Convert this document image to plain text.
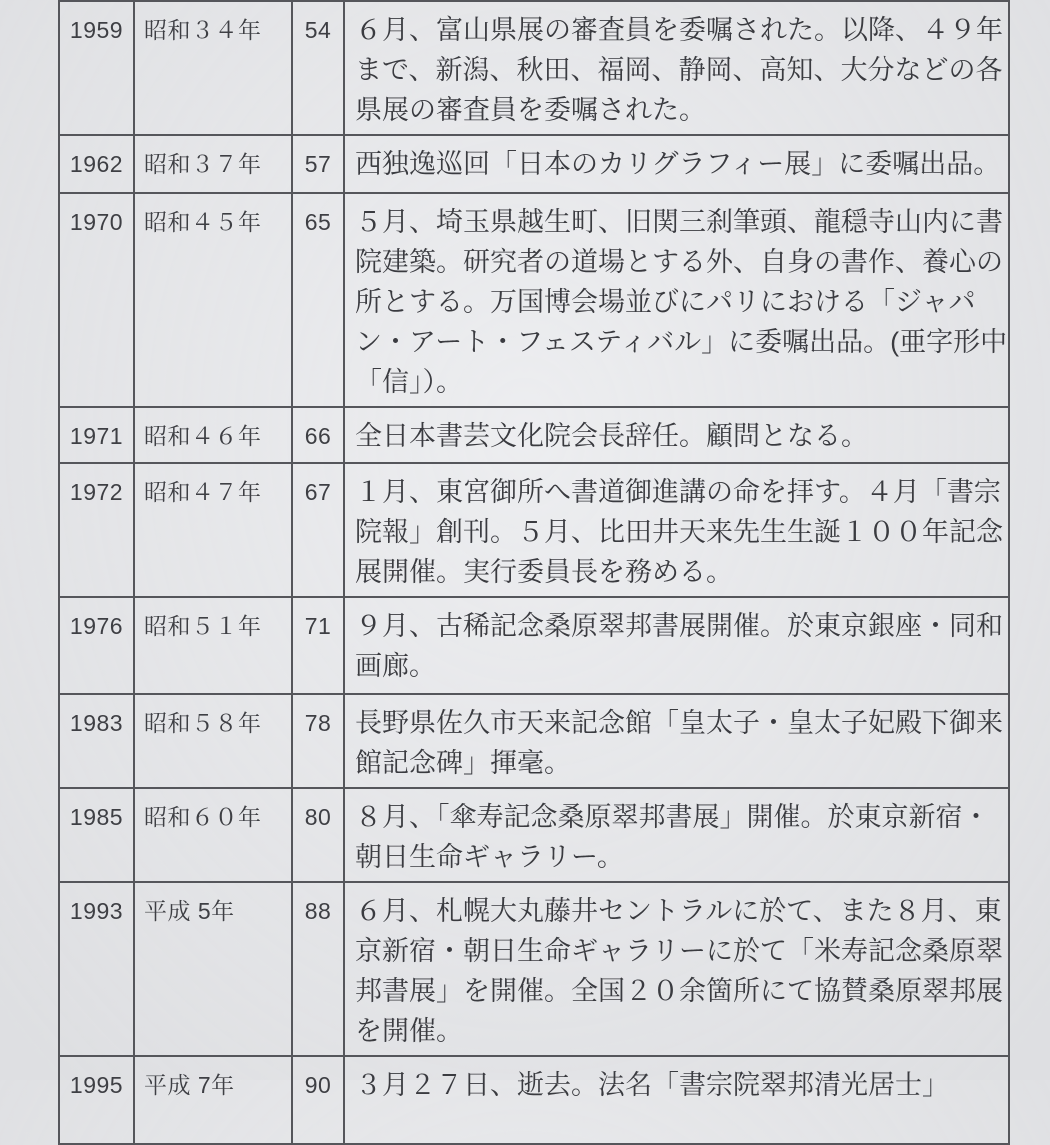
1959 昭和３４年	54 ６月、富山県展の審査員を委嘱された。以降、４９年まで、新潟、秋田、福岡、静岡、高知、大分などの各県展の審査員を委嘱された。
1962 昭和３７年	57 西独逸巡回「日本のカリグラフィー展」に委嘱出品。
1970 昭和４５年	65 ５月、埼玉県越生町、旧関三刹筆頭、龍穏寺山内に書院建築。研究者の道場とする外、自身の書作、養心の所とする。万国博会場並びにパリにおける「ジャパン・アート・フェスティバル」に委嘱出品。(亜字形中「信」）。
1971 昭和４６年	66 全日本書芸文化院会長辞任。顧問となる。
1972 昭和４７年	67 １月、東宮御所へ書道御進講の命を拝す。４月「書宗院報」創刊。５月、比田井天来先生生誕１００年記念展開催。実行委員長を務める。
1976 昭和５１年	71 ９月、古稀記念桑原翠邦書展開催。於東京銀座・同和画廊。
1983 昭和５８年	78 長野県佐久市天来記念館「皇太子・皇太子妃殿下御来館記念碑」揮毫。
1985 昭和６０年	80 ８月、「傘寿記念桑原翠邦書展」開催。於東京新宿・朝日生命ギャラリー。
1993 平成 5年	88 ６月、札幌大丸藤井セントラルに於て、また８月、東京新宿・朝日生命ギャラリーに於て「米寿記念桑原翠邦書展」を開催。全国２０余箇所にて協賛桑原翠邦展を開催。
1995 平成 7年	90 ３月２７日、逝去。法名「書宗院翠邦清光居士」
